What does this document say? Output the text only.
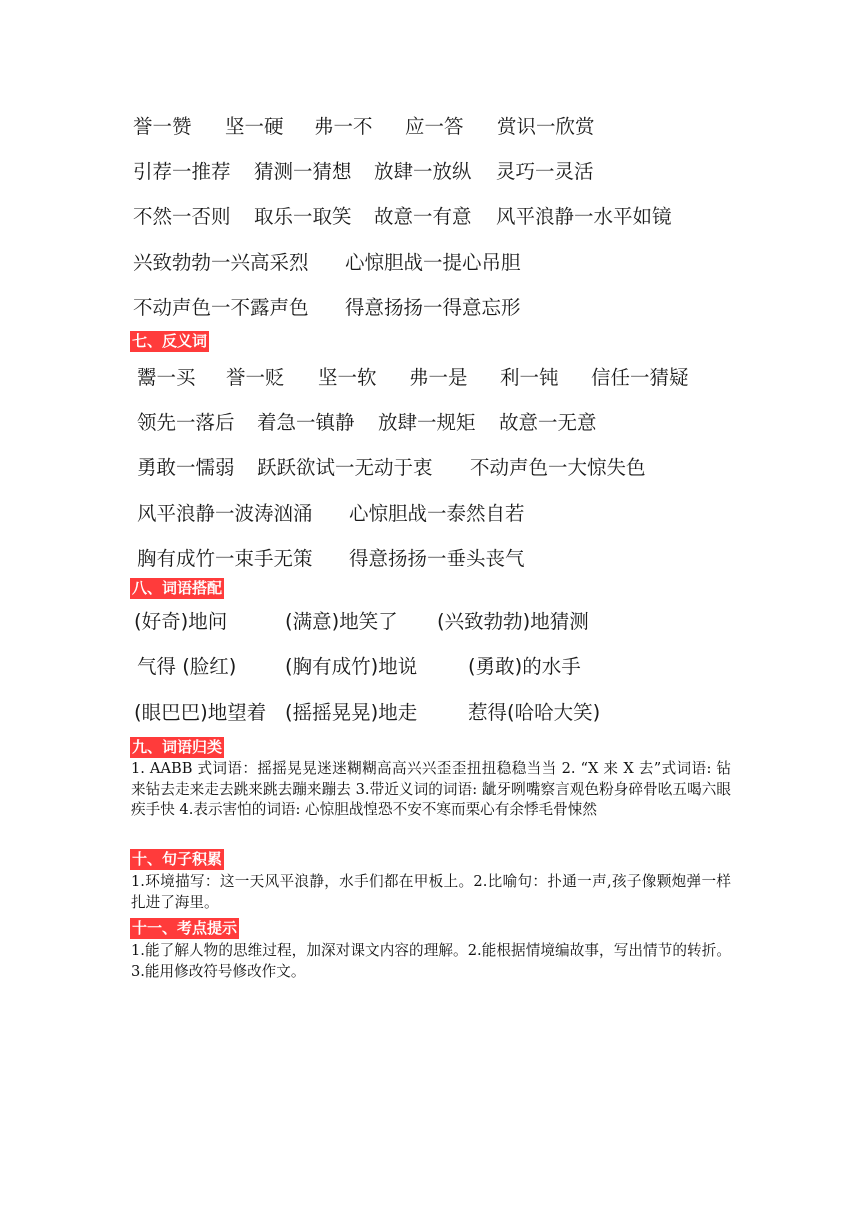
誉一赞 坚一硬 弗一不 应一答 赏识一欣赏
引荐一推荐 猜测一猜想 放肆一放纵 灵巧一灵活
不然一否则 取乐一取笑 故意一有意 风平浪静一水平如镜
兴致勃勃一兴高采烈 心惊胆战一提心吊胆
不动声色一不露声色 得意扬扬一得意忘形
七、反义词
鬻一买 誉一贬 坚一软 弗一是 利一钝 信任一猜疑
领先一落后 着急一镇静 放肆一规矩 故意一无意
勇敢一懦弱 跃跃欲试一无动于衷 不动声色一大惊失色
风平浪静一波涛汹涌 心惊胆战一泰然自若
胸有成竹一束手无策 得意扬扬一垂头丧气
八、词语搭配
(好奇)地问	(满意)地笑了 (兴致勃勃)地猜测
气得 (脸红) (胸有成竹)地说	(勇敢)的水手
(眼巴巴)地望着 (摇摇晃晃)地走	惹得(哈哈大笑)
九、词语归类
1. AABB 式词语：摇摇晃晃迷迷糊糊高高兴兴歪歪扭扭稳稳当当 2. “X 来 X 去”式词语: 钻来钻去走来走去跳来跳去蹦来蹦去 3.带近义词的词语: 龇牙咧嘴察言观色粉身碎骨吆五喝六眼疾手快 4.表示害怕的词语: 心惊胆战惶恐不安不寒而栗心有余悸毛骨悚然
十、句子积累
1.环境描写：这一天风平浪静，水手们都在甲板上。2.比喻句：扑通一声,孩子像颗炮弹一样扎进了海里。
十一、考点提示
1.能了解人物的思维过程，加深对课文内容的理解。2.能根据情境编故事，写出情节的转折。3.能用修改符号修改作文。
